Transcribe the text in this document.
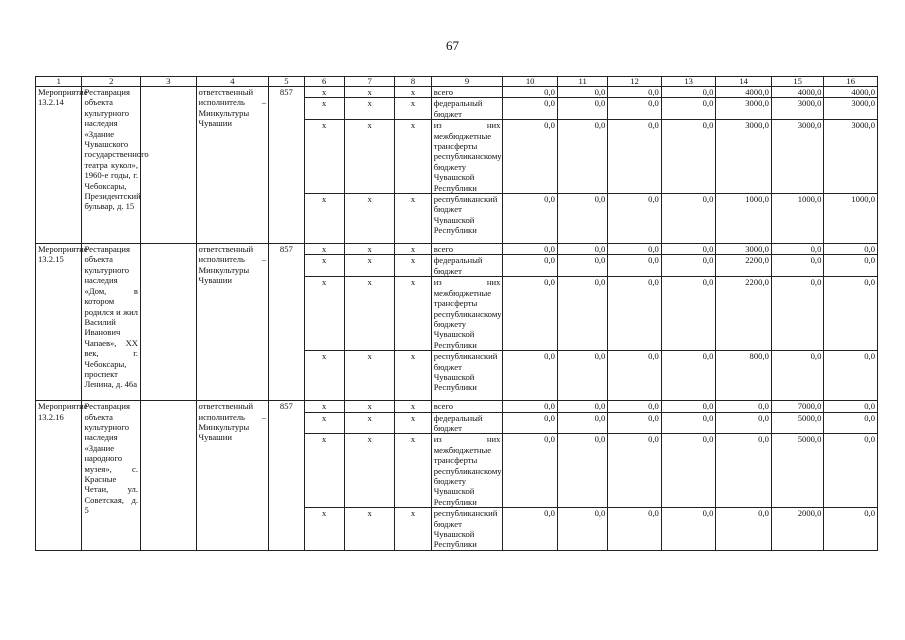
67
1	2	3	4	5	6	7	8	9	10	11	12	13	14	15	16
Мероприятие 13.2.14	Реставрация объекта культурного наследия «Здание Чувашского государственного театра кукол», 1960-е годы, г. Чебоксары, Президентский бульвар, д. 15		ответственный исполнитель – Минкультуры Чувашии	857	x	x	x	всего	0,0	0,0	0,0	0,0	4000,0	4000,0	4000,0
					x	x	x	федеральный бюджет	0,0	0,0	0,0	0,0	3000,0	3000,0	3000,0
					x	x	x	из них межбюджетные трансферты республиканскому бюджету Чувашской Республики	0,0	0,0	0,0	0,0	3000,0	3000,0	3000,0
					x	x	x	республиканский бюджет Чувашской Республики	0,0	0,0	0,0	0,0	1000,0	1000,0	1000,0
Мероприятие 13.2.15	Реставрация объекта культурного наследия «Дом, в котором родился и жил Василий Иванович Чапаев», XX век, г. Чебоксары, проспект Ленина, д. 46а		ответственный исполнитель – Минкультуры Чувашии	857	x	x	x	всего	0,0	0,0	0,0	0,0	3000,0	0,0	0,0
					x	x	x	федеральный бюджет	0,0	0,0	0,0	0,0	2200,0	0,0	0,0
					x	x	x	из них межбюджетные трансферты республиканскому бюджету Чувашской Республики	0,0	0,0	0,0	0,0	2200,0	0,0	0,0
					x	x	x	республиканский бюджет Чувашской Республики	0,0	0,0	0,0	0,0	800,0	0,0	0,0
Мероприятие 13.2.16	Реставрация объекта культурного наследия «Здание народного музея», с. Красные Четаи, ул. Советская, д. 5		ответственный исполнитель – Минкультуры Чувашии	857	x	x	x	всего	0,0	0,0	0,0	0,0	0,0	7000,0	0,0
					x	x	x	федеральный бюджет	0,0	0,0	0,0	0,0	0,0	5000,0	0,0
					x	x	x	из них межбюджетные трансферты республиканскому бюджету Чувашской Республики	0,0	0,0	0,0	0,0	0,0	5000,0	0,0
					x	x	x	республиканский бюджет Чувашской Республики	0,0	0,0	0,0	0,0	0,0	2000,0	0,0
